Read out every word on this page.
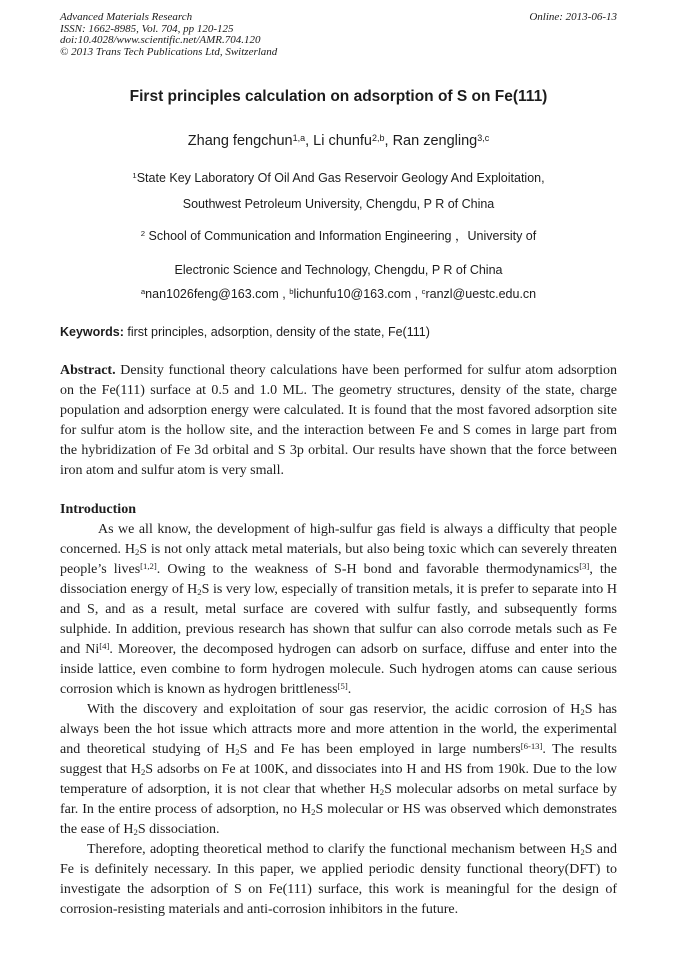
Advanced Materials Research
ISSN: 1662-8985, Vol. 704, pp 120-125
doi:10.4028/www.scientific.net/AMR.704.120
© 2013 Trans Tech Publications Ltd, Switzerland
Online: 2013-06-13
First principles calculation on adsorption of S on Fe(111)
Zhang fengchun$^{1,a}$, Li chunfu$^{2,b}$, Ran zengling$^{3,c}$
$^1$State Key Laboratory Of Oil And Gas Reservoir Geology And Exploitation,
Southwest Petroleum University, Chengdu, P R of China
$^2$ School of Communication and Information Engineering ，University of
Electronic Science and Technology, Chengdu, P R of China
$^a$nan1026feng@163.com , $^b$lichunfu10@163.com , $^c$ranzl@uestc.edu.cn

Keywords: first principles, adsorption, density of the state, Fe(111)

Abstract. Density functional theory calculations have been performed for sulfur atom adsorption on the Fe(111) surface at 0.5 and 1.0 ML. The geometry structures, density of the state, charge population and adsorption energy were calculated. It is found that the most favored adsorption site for sulfur atom is the hollow site, and the interaction between Fe and S comes in large part from the hybridization of Fe 3d orbital and S 3p orbital. Our results have shown that the force between iron atom and sulfur atom is very small.

Introduction

As we all know, the development of high-sulfur gas field is always a difficulty that people concerned. $H_2S$ is not only attack metal materials, but also being toxic which can severely threaten people’s lives[1,2]. Owing to the weakness of S-H bond and favorable thermodynamics[3], the dissociation energy of $H_2S$ is very low, especially of transition metals, it is prefer to separate into H and S, and as a result, metal surface are covered with sulfur fastly, and subsequently forms sulphide. In addition, previous research has shown that sulfur can also corrode metals such as Fe and Ni[4]. Moreover, the decomposed hydrogen can adsorb on surface, diffuse and enter into the inside lattice, even combine to form hydrogen molecule. Such hydrogen atoms can cause serious corrosion which is known as hydrogen brittleness[5].

With the discovery and exploitation of sour gas reservior, the acidic corrosion of $H_2S$ has always been the hot issue which attracts more and more attention in the world, the experimental and theoretical studying of $H_2S$ and Fe has been employed in large numbers[6-13]. The results suggest that $H_2S$ adsorbs on Fe at 100K, and dissociates into H and HS from 190k. Due to the low temperature of adsorption, it is not clear that whether $H_2S$ molecular adsorbs on metal surface by far. In the entire process of adsorption, no $H_2S$ molecular or HS was observed which demonstrates the ease of $H_2S$ dissociation.

Therefore, adopting theoretical method to clarify the functional mechanism between $H_2S$ and Fe is definitely necessary. In this paper, we applied periodic density functional theory(DFT) to investigate the adsorption of S on Fe(111) surface, this work is meaningful for the design of corrosion-resisting materials and anti-corrosion inhibitors in the future.
